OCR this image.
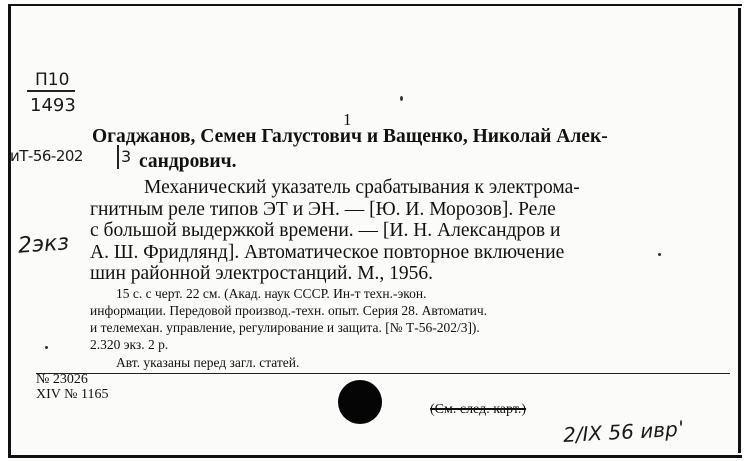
П10
1493
иТ-56-202 3
2экз
1
Огаджанов, Семен Галустович и Ващенко, Николай Алек-
сандрович.
Механический указатель срабатывания к электрома-
гнитным реле типов ЭТ и ЭН. — [Ю. И. Морозов]. Реле
с большой выдержкой времени. — [И. Н. Александров и
А. Ш. Фридлянд]. Автоматическое повторное включение
шин районной электростанций. М., 1956.
15 с. с черт. 22 см. (Акад. наук СССР. Ин-т техн.-экон.
информации. Передовой производ.-техн. опыт. Серия 28. Автоматич.
и телемехан. управление, регулирование и защита. [№ Т-56-202/3]).
2.320 экз. 2 р.
Авт. указаны перед загл. статей.
№ 23026
XIV № 1165
(См. след. карт.)
2/IX 56 ивр
